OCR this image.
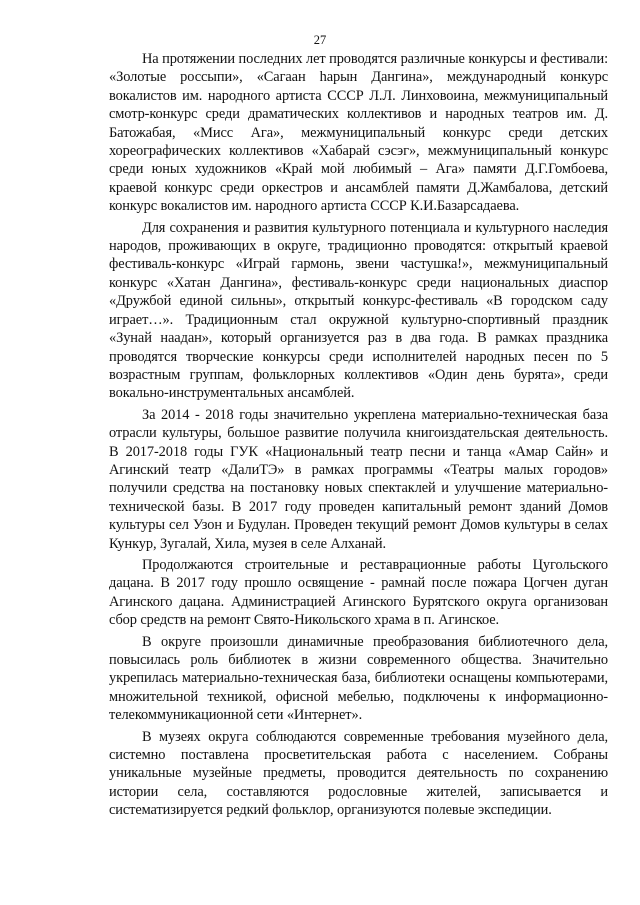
27

На протяжении последних лет проводятся различные конкурсы и фестивали: «Золотые россыпи», «Сагаан hарын Дангина», международный конкурс вокалистов им. народного артиста СССР Л.Л. Линховоина, межмуниципальный смотр-конкурс среди драматических коллективов и народных театров им. Д. Батожабая, «Мисс Ага», межмуниципальный конкурс среди детских хореографических коллективов «Хабарай сэсэг», межмуниципальный конкурс среди юных художников «Край мой любимый – Ага» памяти Д.Г.Гомбоева, краевой конкурс среди оркестров и ансамблей памяти Д.Жамбалова, детский конкурс вокалистов им. народного артиста СССР К.И.Базарсадаева.

Для сохранения и развития культурного потенциала и культурного наследия народов, проживающих в округе, традиционно проводятся: открытый краевой фестиваль-конкурс «Играй гармонь, звени частушка!», межмуниципальный конкурс «Хатан Дангина», фестиваль-конкурс среди национальных диаспор «Дружбой единой сильны», открытый конкурс-фестиваль «В городском саду играет…». Традиционным стал окружной культурно-спортивный праздник «Зунай наадан», который организуется раз в два года. В рамках праздника проводятся творческие конкурсы среди исполнителей народных песен по 5 возрастным группам, фольклорных коллективов «Один день бурята», среди вокально-инструментальных ансамблей.

За 2014 - 2018 годы значительно укреплена материально-техническая база отрасли культуры, большое развитие получила книгоиздательская деятельность. В 2017-2018 годы ГУК «Национальный театр песни и танца «Амар Сайн» и Агинский театр «ДалиТЭ» в рамках программы «Театры малых городов» получили средства на постановку новых спектаклей и улучшение материально-технической базы. В 2017 году проведен капитальный ремонт зданий Домов культуры сел Узон и Будулан. Проведен текущий ремонт Домов культуры в селах Кункур, Зугалай, Хила, музея в селе Алханай.

Продолжаются строительные и реставрационные работы Цугольского дацана. В 2017 году прошло освящение - рамнай после пожара Цогчен дуган Агинского дацана. Администрацией Агинского Бурятского округа организован сбор средств на ремонт Свято-Никольского храма в п. Агинское.

В округе произошли динамичные преобразования библиотечного дела, повысилась роль библиотек в жизни современного общества. Значительно укрепилась материально-техническая база, библиотеки оснащены компьютерами, множительной техникой, офисной мебелью, подключены к информационно-телекоммуникационной сети «Интернет».

В музеях округа соблюдаются современные требования музейного дела, системно поставлена просветительская работа с населением. Собраны уникальные музейные предметы, проводится деятельность по сохранению истории села, составляются родословные жителей, записывается и систематизируется редкий фольклор, организуются полевые экспедиции.
